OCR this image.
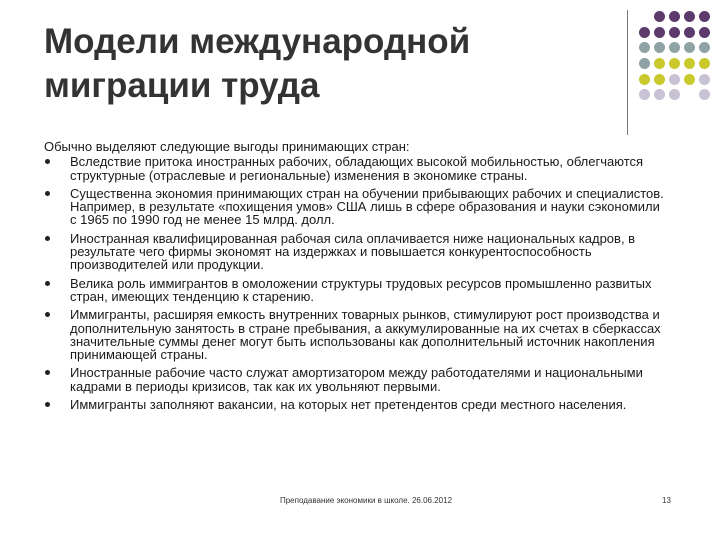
Модели международной
миграции труда

Обычно выделяют следующие выгоды принимающих стран:

Вследствие притока иностранных рабочих, обладающих высокой мобильностью, облегчаются структурные (отраслевые и региональные) изменения в экономике страны.
Существенна экономия принимающих стран на обучении прибывающих рабочих и специалистов. Например, в результате «похищения умов» США лишь в сфере образования и науки сэкономили с 1965 по 1990 год не менее 15 млрд. долл.
Иностранная квалифицированная рабочая сила оплачивается ниже национальных кадров, в результате чего фирмы экономят на издержках и повышается конкурентоспособность производителей или продукции.
Велика роль иммигрантов в омоложении структуры трудовых ресурсов промышленно развитых стран, имеющих тенденцию к старению.
Иммигранты, расширяя емкость внутренних товарных рынков, стимулируют рост производства и дополнительную занятость в стране пребывания, а аккумулированные на их счетах в сберкассах значительные суммы денег могут быть использованы как дополнительный источник накопления принимающей страны.
Иностранные рабочие часто служат амортизатором между работодателями и национальными кадрами в периоды кризисов, так как их увольняют первыми.
Иммигранты заполняют вакансии, на которых нет претендентов среди местного населения.
Преподавание экономики в школе. 26.06.2012	13
